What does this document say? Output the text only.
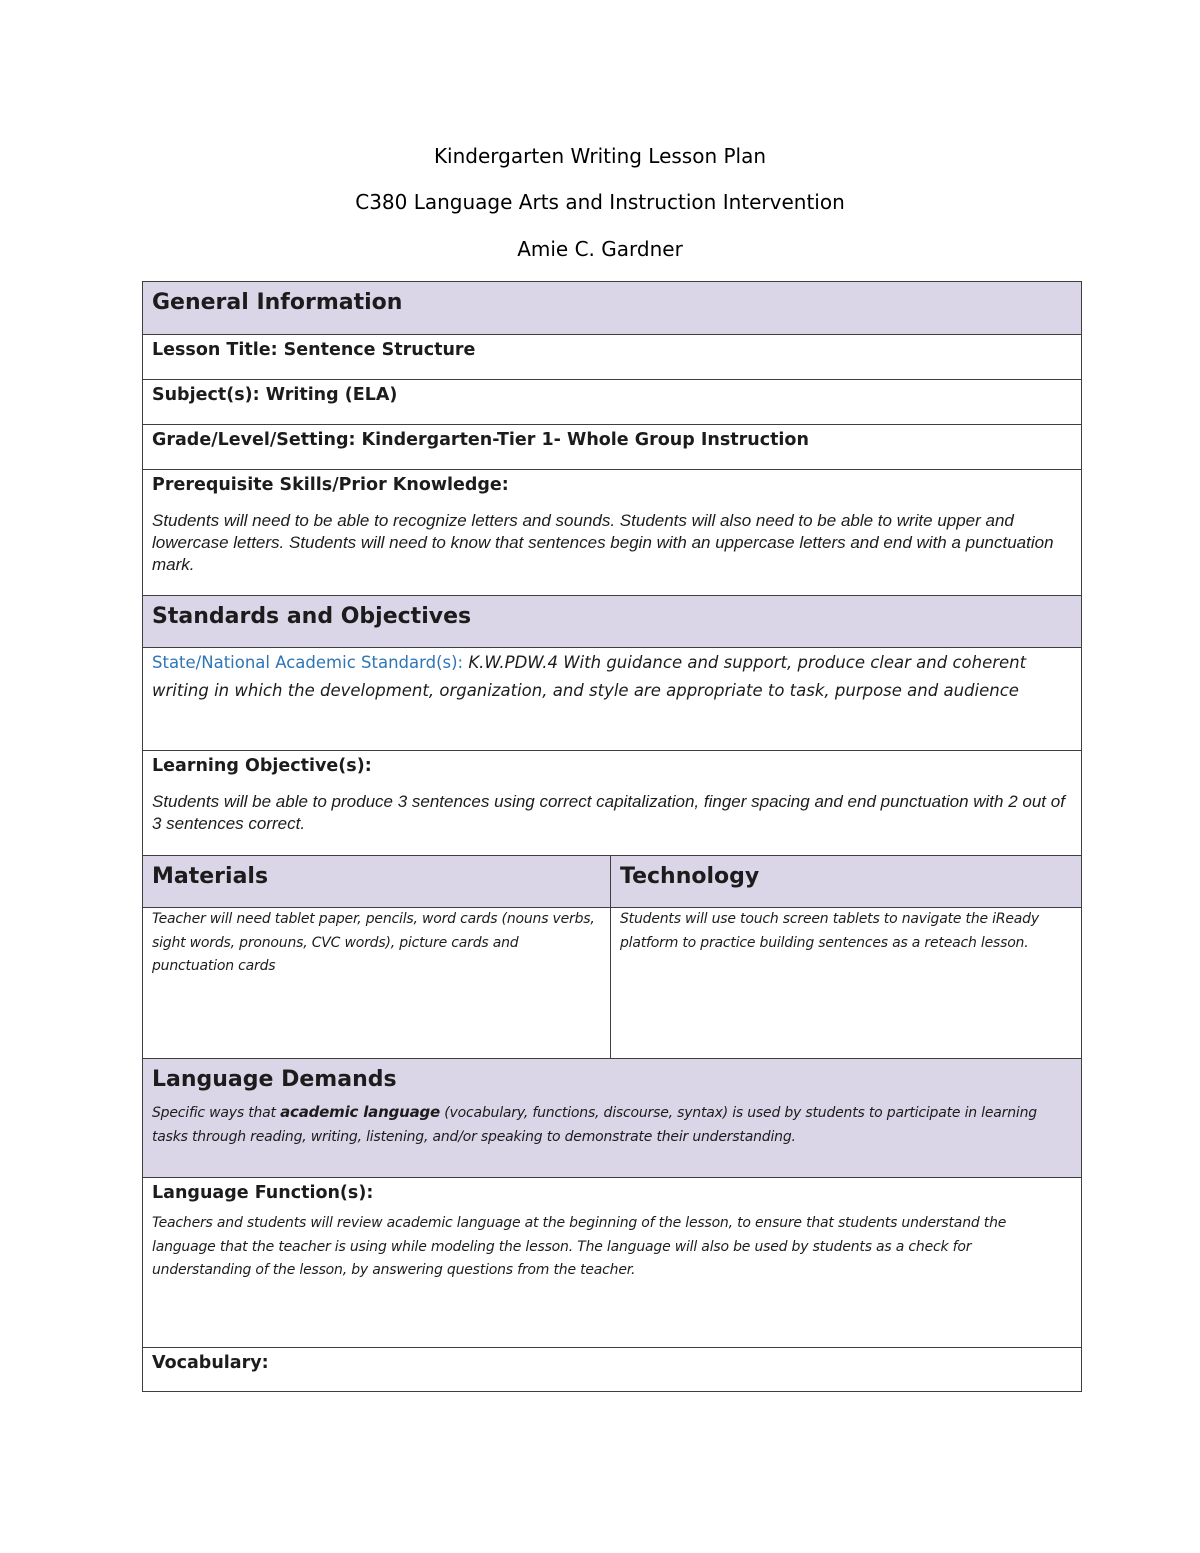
Kindergarten Writing Lesson Plan
C380 Language Arts and Instruction Intervention
Amie C. Gardner
General Information	

Lesson Title: Sentence Structure	

Subject(s): Writing (ELA)	

Grade/Level/Setting: Kindergarten-Tier 1- Whole Group Instruction	

Prerequisite Skills/Prior Knowledge:
Students will need to be able to recognize letters and sounds. Students will also need to be able to write upper and lowercase letters. Students will need to know that sentences begin with an uppercase letters and end with a punctuation mark.	

Standards and Objectives	

State/National Academic Standard(s): K.W.PDW.4 With guidance and support, produce clear and coherent writing in which the development, organization, and style are appropriate to task, purpose and audience	

Learning Objective(s):
Students will be able to produce 3 sentences using correct capitalization, finger spacing and end punctuation with 2 out of 3 sentences correct.	

Materials	Technology

Teacher will need tablet paper, pencils, word cards (nouns verbs, sight words, pronouns, CVC words), picture cards and punctuation cards	Students will use touch screen tablets to navigate the iReady platform to practice building sentences as a reteach lesson.

Language Demands
Specific ways that academic language (vocabulary, functions, discourse, syntax) is used by students to participate in learning tasks through reading, writing, listening, and/or speaking to demonstrate their understanding.	

Language Function(s):
Teachers and students will review academic language at the beginning of the lesson, to ensure that students understand the language that the teacher is using while modeling the lesson. The language will also be used by students as a check for understanding of the lesson, by answering questions from the teacher.	

Vocabulary:	
